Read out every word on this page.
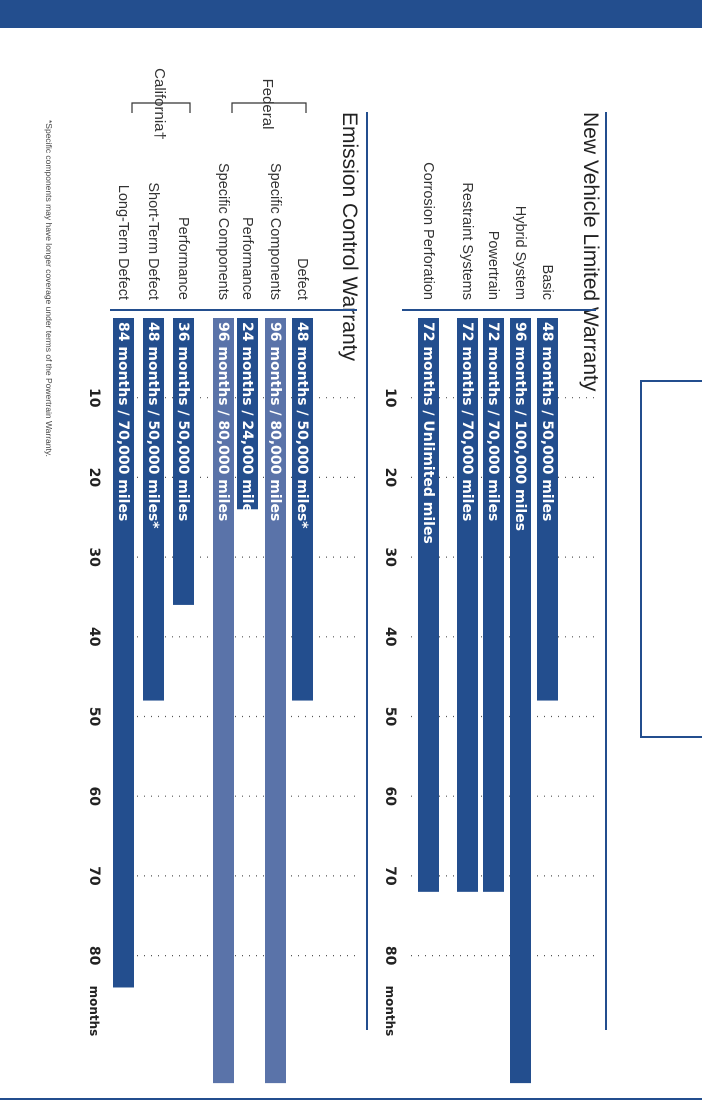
New Vehicle Limited Warranty
10
20
30
40
50
60
70
80
months
48 months / 50,000 miles
96 months / 100,000 miles
72 months / 70,000 miles
72 months / 70,000 miles
72 months / Unlimited miles
Emission Control Warranty
10
20
30
40
50
60
70
80
months
48 months / 50,000 miles*
96 months / 80,000 miles
24 months / 24,000 miles
96 months / 80,000 miles
36 months / 50,000 miles
48 months / 50,000 miles*
84 months / 70,000 miles
Basic
Hybrid System
Powertrain
Restraint Systems
Corrosion Perforation
Defect
Specific Components
Performance
Specific Components
Performance
Short-Term Defect
Long-Term Defect
Federal
California†
*Specific components may have longer coverage under terms of the Powertrain Warranty.
